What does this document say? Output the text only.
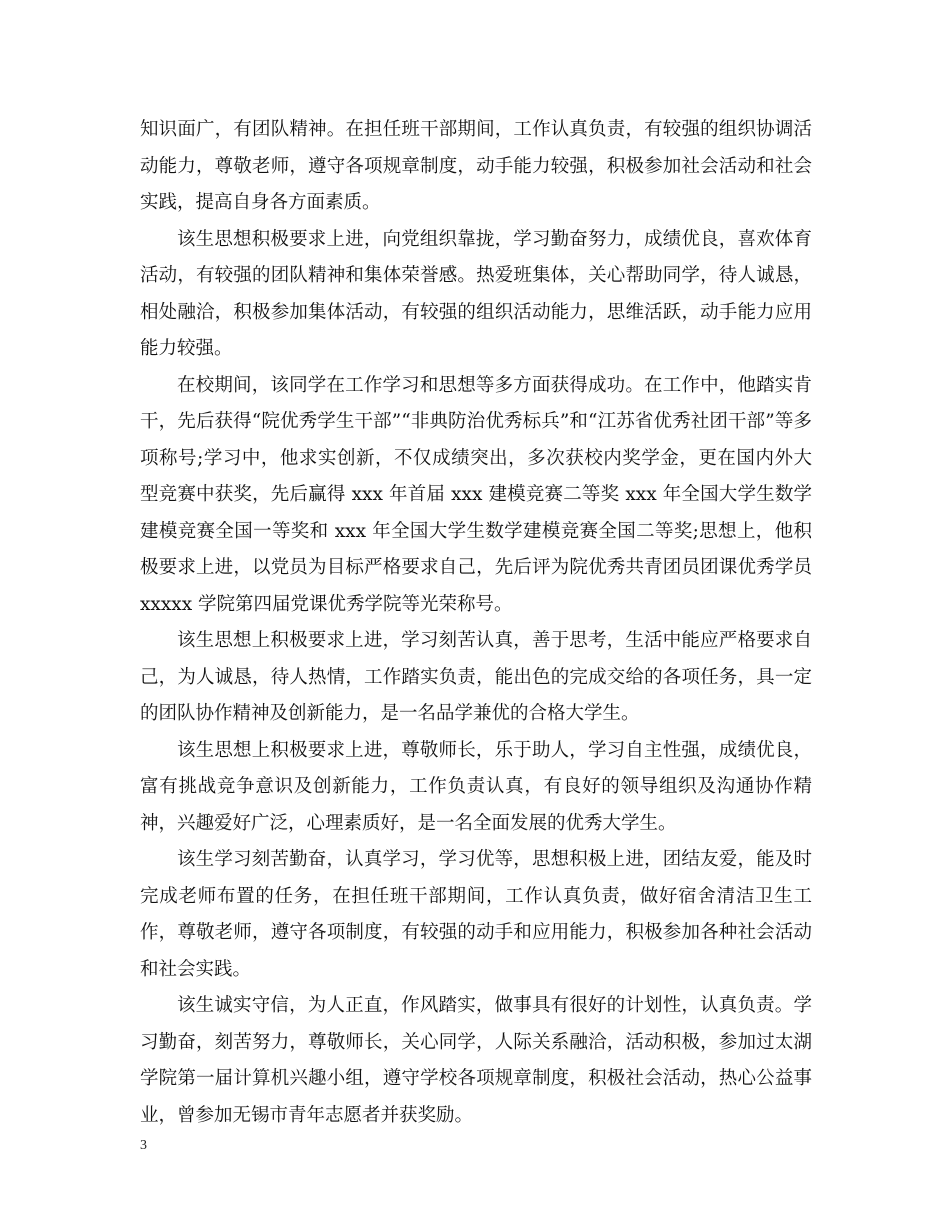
知识面广，有团队精神。在担任班干部期间，工作认真负责，有较强的组织协调活动能力，尊敬老师，遵守各项规章制度，动手能力较强，积极参加社会活动和社会实践，提高自身各方面素质。

该生思想积极要求上进，向党组织靠拢，学习勤奋努力，成绩优良，喜欢体育活动，有较强的团队精神和集体荣誉感。热爱班集体，关心帮助同学，待人诚恳，相处融洽，积极参加集体活动，有较强的组织活动能力，思维活跃，动手能力应用能力较强。

在校期间，该同学在工作学习和思想等多方面获得成功。在工作中，他踏实肯干，先后获得“院优秀学生干部”“非典防治优秀标兵”和“江苏省优秀社团干部”等多项称号;学习中，他求实创新，不仅成绩突出，多次获校内奖学金，更在国内外大型竞赛中获奖，先后赢得 xxx 年首届 xxx 建模竞赛二等奖 xxx 年全国大学生数学建模竞赛全国一等奖和 xxx 年全国大学生数学建模竞赛全国二等奖;思想上，他积极要求上进，以党员为目标严格要求自己，先后评为院优秀共青团员团课优秀学员 xxxxx 学院第四届党课优秀学院等光荣称号。

该生思想上积极要求上进，学习刻苦认真，善于思考，生活中能应严格要求自己，为人诚恳，待人热情，工作踏实负责，能出色的完成交给的各项任务，具一定的团队协作精神及创新能力，是一名品学兼优的合格大学生。

该生思想上积极要求上进，尊敬师长，乐于助人，学习自主性强，成绩优良，富有挑战竞争意识及创新能力，工作负责认真，有良好的领导组织及沟通协作精神，兴趣爱好广泛，心理素质好，是一名全面发展的优秀大学生。

该生学习刻苦勤奋，认真学习，学习优等，思想积极上进，团结友爱，能及时完成老师布置的任务，在担任班干部期间，工作认真负责，做好宿舍清洁卫生工作，尊敬老师，遵守各项制度，有较强的动手和应用能力，积极参加各种社会活动和社会实践。

该生诚实守信，为人正直，作风踏实，做事具有很好的计划性，认真负责。学习勤奋，刻苦努力，尊敬师长，关心同学，人际关系融洽，活动积极，参加过太湖学院第一届计算机兴趣小组，遵守学校各项规章制度，积极社会活动，热心公益事业，曾参加无锡市青年志愿者并获奖励。

3
